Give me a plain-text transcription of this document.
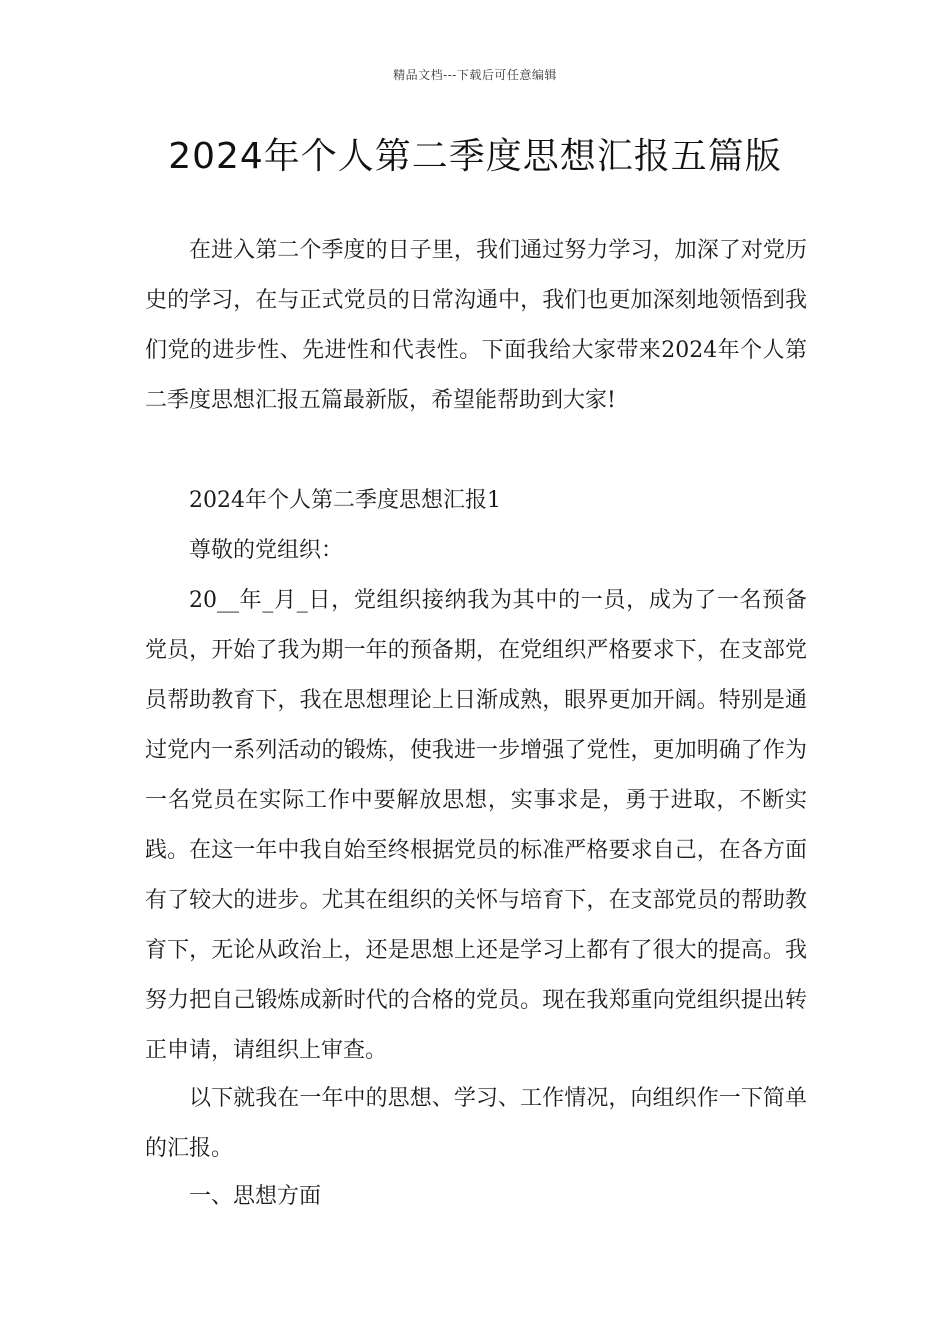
精品文档---下载后可任意编辑
2024年个人第二季度思想汇报五篇版

在进入第二个季度的日子里，我们通过努力学习，加深了对党历史的学习，在与正式党员的日常沟通中，我们也更加深刻地领悟到我们党的进步性、先进性和代表性。下面我给大家带来2024年个人第二季度思想汇报五篇最新版，希望能帮助到大家!

2024年个人第二季度思想汇报1

尊敬的党组织：

20__年_月_日，党组织接纳我为其中的一员，成为了一名预备党员，开始了我为期一年的预备期，在党组织严格要求下，在支部党员帮助教育下，我在思想理论上日渐成熟，眼界更加开阔。特别是通过党内一系列活动的锻炼，使我进一步增强了党性，更加明确了作为一名党员在实际工作中要解放思想，实事求是，勇于进取，不断实践。在这一年中我自始至终根据党员的标准严格要求自己，在各方面有了较大的进步。尤其在组织的关怀与培育下，在支部党员的帮助教育下，无论从政治上，还是思想上还是学习上都有了很大的提高。我努力把自己锻炼成新时代的合格的党员。现在我郑重向党组织提出转正申请，请组织上审查。

以下就我在一年中的思想、学习、工作情况，向组织作一下简单的汇报。

一、思想方面
